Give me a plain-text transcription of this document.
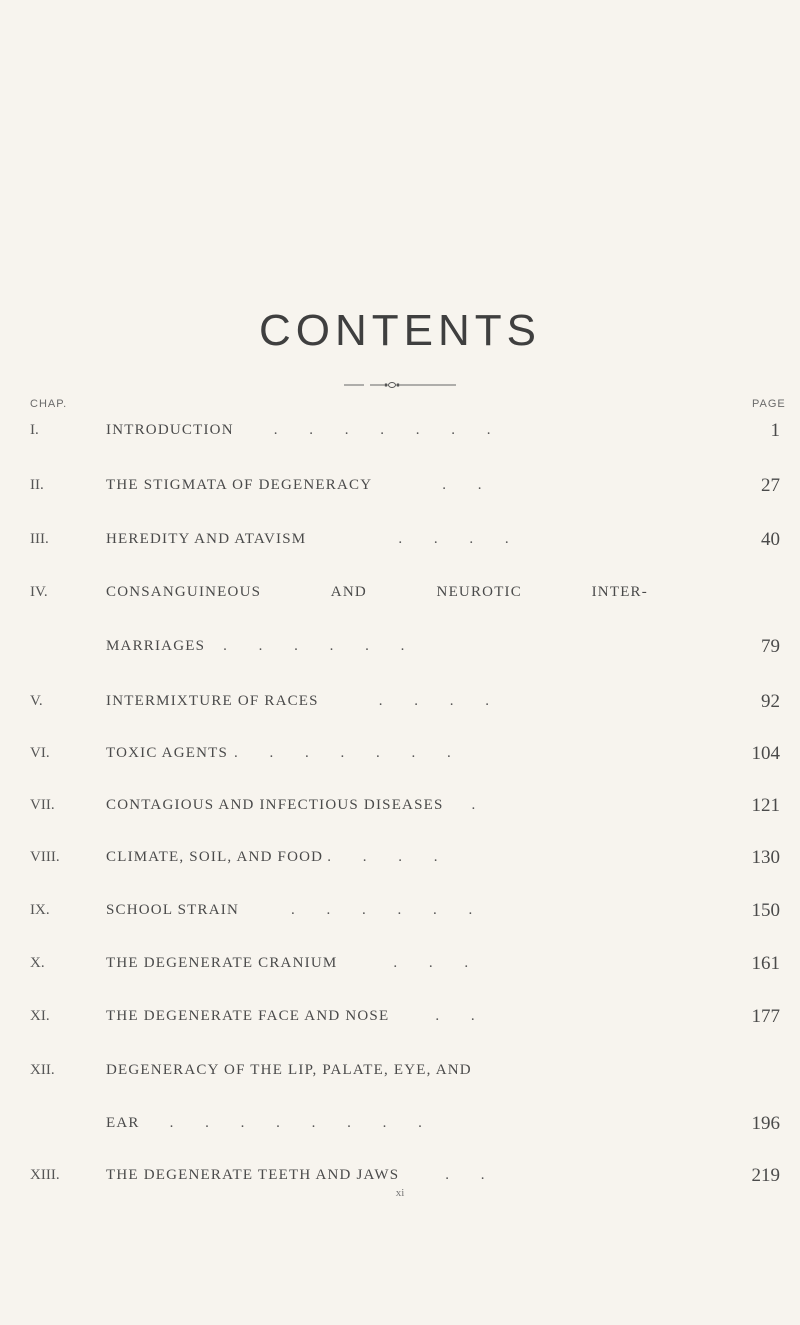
CONTENTS
CHAP.	PAGE
I.	INTRODUCTION	. . . . . . .	1
II.	THE STIGMATA OF DEGENERACY	. .	27
III.	HEREDITY AND ATAVISM	. . . .	40
IV.	CONSANGUINEOUS	AND	NEUROTIC	INTER-
MARRIAGES . . . . . .	79
V.	INTERMIXTURE OF RACES	. . . .	92
VI.	TOXIC AGENTS . . . . . . .	104
VII.	CONTAGIOUS AND INFECTIOUS DISEASES .	121
VIII.	CLIMATE, SOIL, AND FOOD . . . .	130
IX.	SCHOOL STRAIN	. . . . . .	150
X.	THE DEGENERATE CRANIUM	. . .	161
XI.	THE DEGENERATE FACE AND NOSE	. .	177
XII.	DEGENERACY OF THE LIP, PALATE, EYE, AND
EAR . . . . . . . .	196
XIII.	THE DEGENERATE TEETH AND JAWS	. .	219
xi
